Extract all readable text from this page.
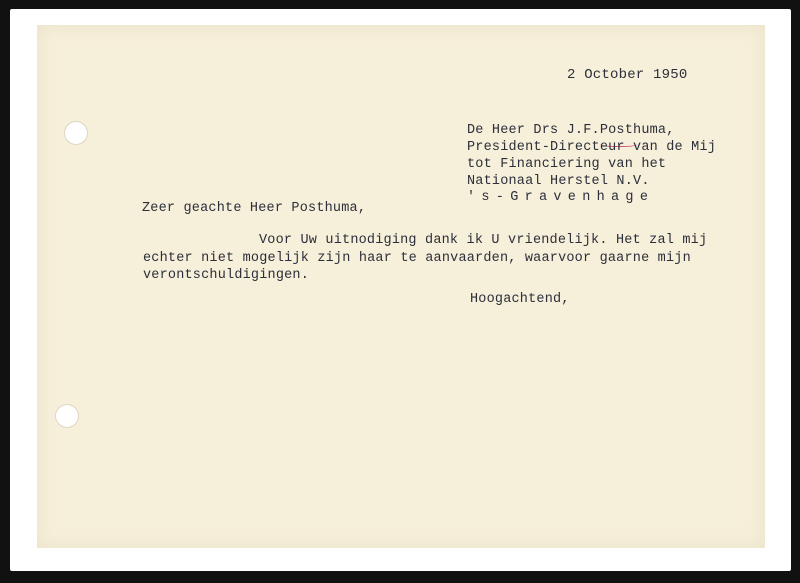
2 October 1950
De Heer Drs J.F.Posthuma,
President-Directeur van de Mij
tot Financiering van het
Nationaal Herstel N.V.
's-Gravenhage
Zeer geachte Heer Posthuma,
Voor Uw uitnodiging dank ik U vriendelijk. Het zal mij
echter niet mogelijk zijn haar te aanvaarden, waarvoor gaarne mijn
verontschuldigingen.
Hoogachtend,
